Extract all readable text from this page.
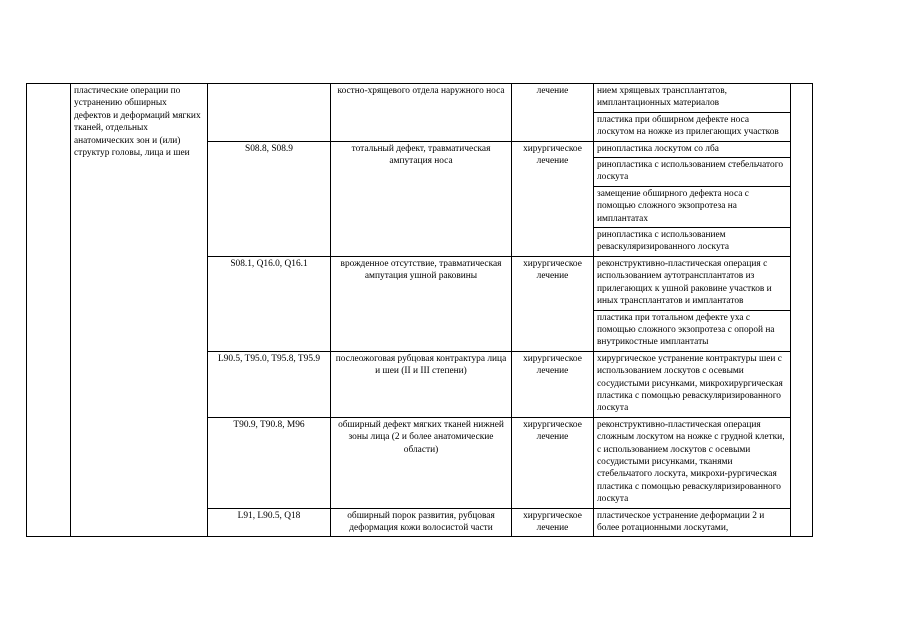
	пластические операции по устранению обширных дефектов и деформаций мягких тканей, отдельных анатомических зон и (или) структур головы, лица и шеи		костно-хрящевого отдела наружного носа	лечение	нием хрящевых трансплантатов, имплантационных материалов	
					пластика при обширном дефекте носа лоскутом на ножке из прилегающих участков	
		S08.8, S08.9	тотальный дефект, травматическая ампутация носа	хирургическое лечение	ринопластика лоскутом со лба	
					ринопластика с использованием стебельчатого лоскута	
					замещение обширного дефекта носа с помощью сложного экзопротеза на имплантатах	
					ринопластика с использованием реваскуляризированного лоскута	
		S08.1, Q16.0, Q16.1	врожденное отсутствие, травматическая ампутация ушной раковины	хирургическое лечение	реконструктивно-пластическая операция с использованием аутотрансплантатов из прилегающих к ушной раковине участков и иных трансплантатов и имплантатов	
					пластика при тотальном дефекте уха с помощью сложного экзопротеза с опорой на внутрикостные имплантаты	
		L90.5, T95.0, T95.8, T95.9	послеожоговая рубцовая контрактура лица и шеи (II и III степени)	хирургическое лечение	хирургическое устранение контрактуры шеи с использованием лоскутов с осевыми сосудистыми рисунками, микрохирургическая пластика с помощью реваскуляризированного лоскута	
		T90.9, T90.8, M96	обширный дефект мягких тканей нижней зоны лица (2 и более анатомические области)	хирургическое лечение	реконструктивно-пластическая операция сложным лоскутом на ножке с грудной клетки, с использованием лоскутов с осевыми сосудистыми рисунками, тканями стебельчатого лоскута, микрохи-рургическая пластика с помощью реваскуляризированного лоскута	
		L91, L90.5, Q18	обширный порок развития, рубцовая деформация кожи волосистой части	хирургическое лечение	пластическое устранение деформации 2 и более ротационными лоскутами,	
